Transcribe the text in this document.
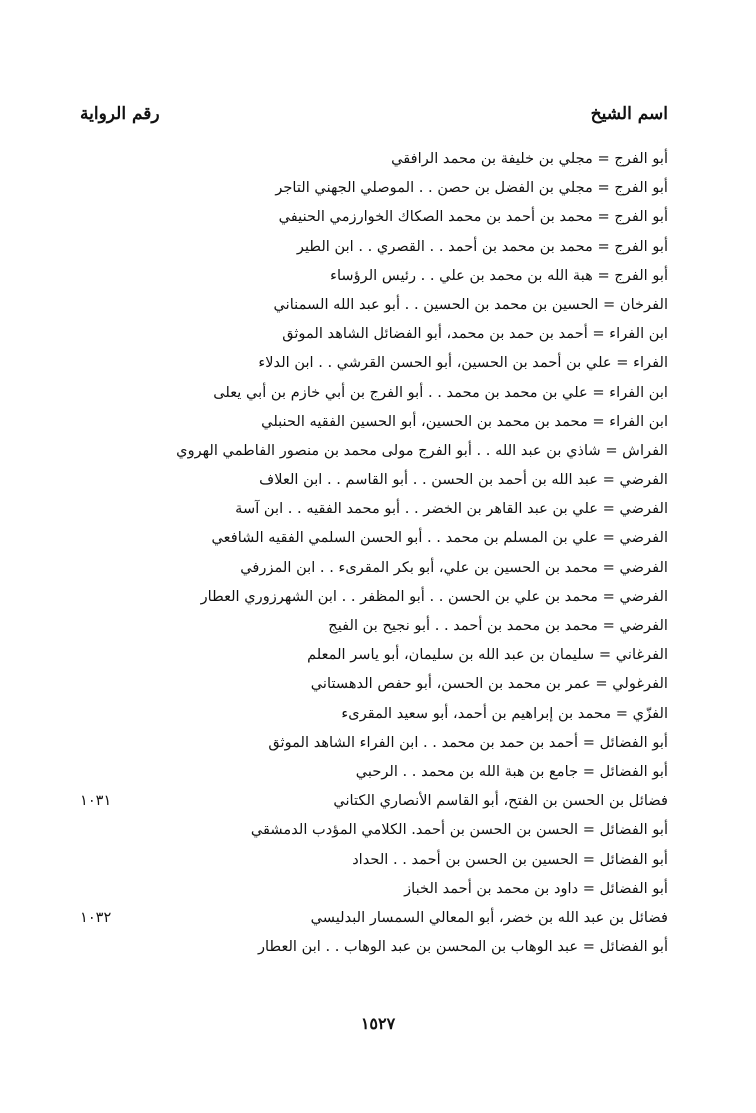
اسم الشيخ
رقم الرواية
أبو الفرج = مجلي بن خليفة بن محمد الرافقي
أبو الفرج = مجلي بن الفضل بن حصن . . الموصلي الجهني التاجر
أبو الفرج = محمد بن أحمد بن محمد الصكاك الخوارزمي الحنيفي
أبو الفرج = محمد بن محمد بن أحمد . . القصري . . ابن الطير
أبو الفرج = هبة الله بن محمد بن علي . . رئيس الرؤساء
الفرخان = الحسين بن محمد بن الحسين . . أبو عبد الله السمناني
ابن الفراء = أحمد بن حمد بن محمد، أبو الفضائل الشاهد الموثق
الفراء = علي بن أحمد بن الحسين، أبو الحسن القرشي . . ابن الدلاء
ابن الفراء = علي بن محمد بن محمد . . أبو الفرج بن أبي خازم بن أبي يعلى
ابن الفراء = محمد بن محمد بن الحسين، أبو الحسين الفقيه الحنبلي
الفراش = شاذي بن عبد الله . . أبو الفرج مولى محمد بن منصور الفاطمي الهروي
الفرضي = عبد الله بن أحمد بن الحسن . . أبو القاسم . . ابن العلاف
الفرضي = علي بن عبد القاهر بن الخضر . . أبو محمد الفقيه . . ابن آسة
الفرضي = علي بن المسلم بن محمد . . أبو الحسن السلمي الفقيه الشافعي
الفرضي = محمد بن الحسين بن علي، أبو بكر المقرىء . . ابن المزرفي
الفرضي = محمد بن علي بن الحسن . . أبو المظفر . . ابن الشهرزوري العطار
الفرضي = محمد بن محمد بن أحمد . . أبو نجيح بن الفيج
الفرغاني = سليمان بن عبد الله بن سليمان، أبو ياسر المعلم
الفرغولي = عمر بن محمد بن الحسن، أبو حفص الدهستاني
الفزّي = محمد بن إبراهيم بن أحمد، أبو سعيد المقرىء
أبو الفضائل = أحمد بن حمد بن محمد . . ابن الفراء الشاهد الموثق
أبو الفضائل = جامع بن هبة الله بن محمد . . الرحبي
فضائل بن الحسن بن الفتح، أبو القاسم الأنصاري الكتاني
١٠٣١
أبو الفضائل = الحسن بن الحسن بن أحمد. الكلامي المؤدب الدمشقي
أبو الفضائل = الحسين بن الحسن بن أحمد . . الحداد
أبو الفضائل = داود بن محمد بن أحمد الخباز
فضائل بن عبد الله بن خضر، أبو المعالي السمسار البدليسي
١٠٣٢
أبو الفضائل = عبد الوهاب بن المحسن بن عبد الوهاب . . ابن العطار
١٥٢٧
